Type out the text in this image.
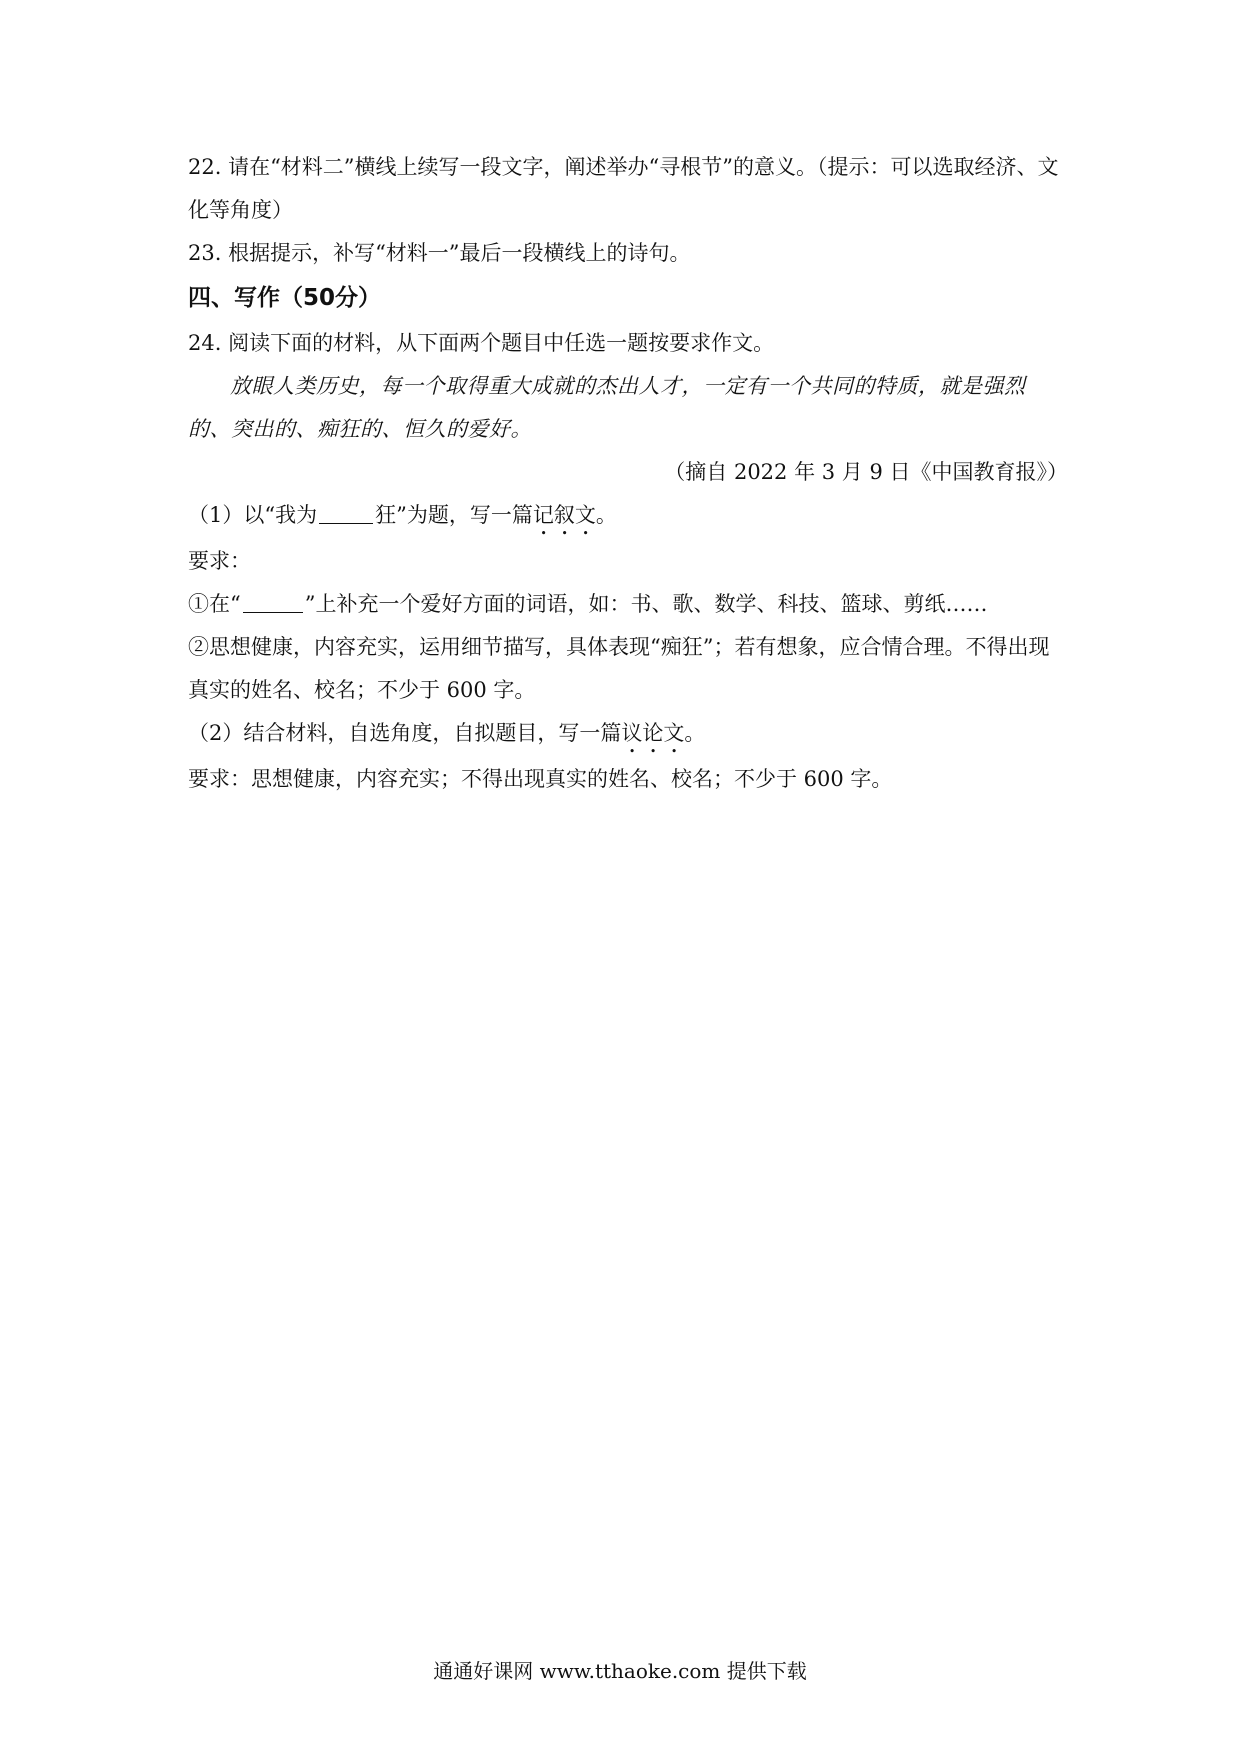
22. 请在“材料二”横线上续写一段文字，阐述举办“寻根节”的意义。（提示：可以选取经济、文化等角度）
23. 根据提示，补写“材料一”最后一段横线上的诗句。
四、写作（50分）
24. 阅读下面的材料，从下面两个题目中任选一题按要求作文。
放眼人类历史，每一个取得重大成就的杰出人才，一定有一个共同的特质，就是强烈的、突出的、痴狂的、恒久的爱好。
（摘自 2022 年 3 月 9 日《中国教育报》）
（1）以“我为	狂”为题，写一篇记叙文。
要求：
①在“	”上补充一个爱好方面的词语，如：书、歌、数学、科技、篮球、剪纸……
②思想健康，内容充实，运用细节描写，具体表现“痴狂”；若有想象，应合情合理。不得出现真实的姓名、校名；不少于 600 字。
（2）结合材料，自选角度，自拟题目，写一篇议论文。
要求：思想健康，内容充实；不得出现真实的姓名、校名；不少于 600 字。
通通好课网 www.tthaoke.com 提供下载
